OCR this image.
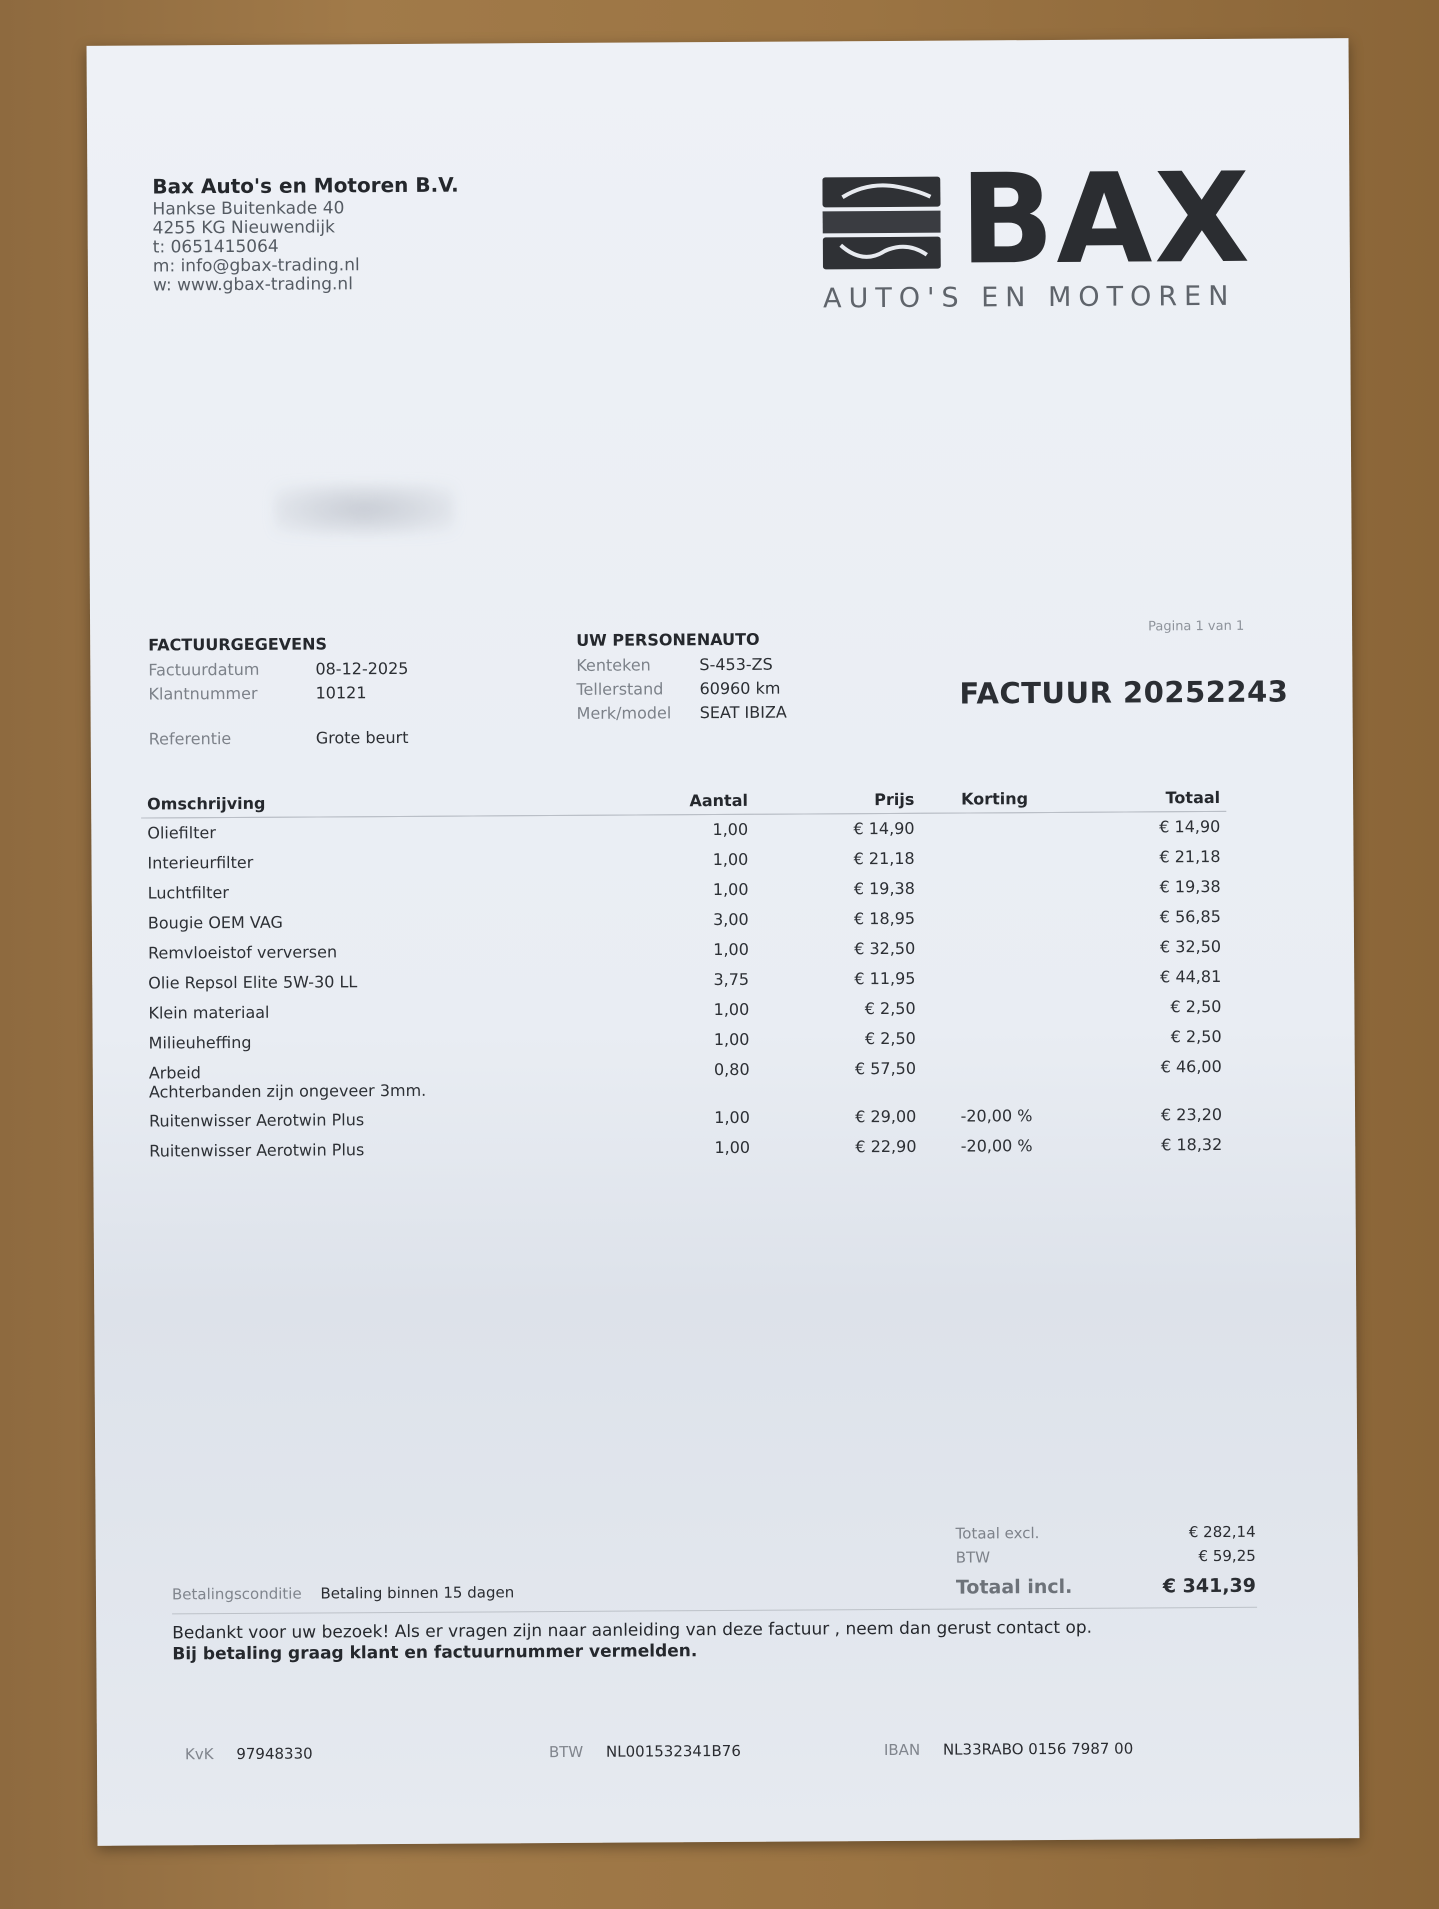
Bax Auto's en Motoren B.V.
Hankse Buitenkade 40
4255 KG Nieuwendijk
t: 0651415064
m: info@gbax-trading.nl
w: www.gbax-trading.nl	BAX
AUTO'S EN MOTOREN
Pagina 1 van 1
FACTUURGEGEVENS
Factuurdatum	08-12-2025
Klantnummer	10121
Referentie	Grote beurt
UW PERSONENAUTO
Kenteken	S-453-ZS
Tellerstand 60960 km
Merk/model SEAT IBIZA
FACTUUR 20252243
Omschrijving	Aantal	Prijs	Korting	Totaal
Oliefilter	1,00	€ 14,90		€ 14,90
Interieurfilter	1,00	€ 21,18		€ 21,18
Luchtfilter	1,00	€ 19,38		€ 19,38
Bougie OEM VAG	3,00	€ 18,95		€ 56,85
Remvloeistof verversen	1,00	€ 32,50		€ 32,50
Olie Repsol Elite 5W-30 LL	3,75	€ 11,95		€ 44,81
Klein materiaal	1,00	€ 2,50		€ 2,50
Milieuheffing	1,00	€ 2,50		€ 2,50
Arbeid
Achterbanden zijn ongeveer 3mm.	0,80	€ 57,50		€ 46,00
Ruitenwisser Aerotwin Plus	1,00	€ 29,00	-20,00 %	€ 23,20
Ruitenwisser Aerotwin Plus	1,00	€ 22,90	-20,00 %	€ 18,32
Totaal excl.	€ 282,14
BTW	€ 59,25
Totaal incl.	€ 341,39
Betalingsconditie Betaling binnen 15 dagen
Bedankt voor uw bezoek! Als er vragen zijn naar aanleiding van deze factuur , neem dan gerust contact op.
Bij betaling graag klant en factuurnummer vermelden.
KvK 97948330	BTW NL001532341B76	IBAN NL33RABO 0156 7987 00
